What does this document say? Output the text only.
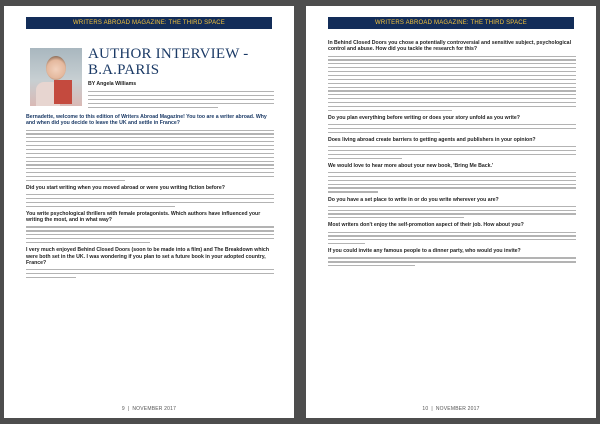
WRITERS ABROAD MAGAZINE: THE THIRD SPACE
AUTHOR INTERVIEW - B.A.PARIS
BY Angela Williams
Bernadette, welcome to this edition of Writers Abroad Magazine! You too are a writer abroad. Why and when did you decide to leave the UK and settle in France?
Did you start writing when you moved abroad or were you writing fiction before?
You write psychological thrillers with female protagonists. Which authors have influenced your writing the most, and in what way?
I very much enjoyed Behind Closed Doors (soon to be made into a film) and The Breakdown which were both set in the UK. I was wondering if you plan to set a future book in your adopted country, France?
9 | NOVEMBER 2017
WRITERS ABROAD MAGAZINE: THE THIRD SPACE
In Behind Closed Doors you chose a potentially controversial and sensitive subject, psychological control and abuse. How did you tackle the research for this?
Do you plan everything before writing or does your story unfold as you write?
Does living abroad create barriers to getting agents and publishers in your opinion?
We would love to hear more about your new book, 'Bring Me Back.'
Do you have a set place to write in or do you write wherever you are?
Most writers don't enjoy the self-promotion aspect of their job. How about you?
If you could invite any famous people to a dinner party, who would you invite?
10 | NOVEMBER 2017
